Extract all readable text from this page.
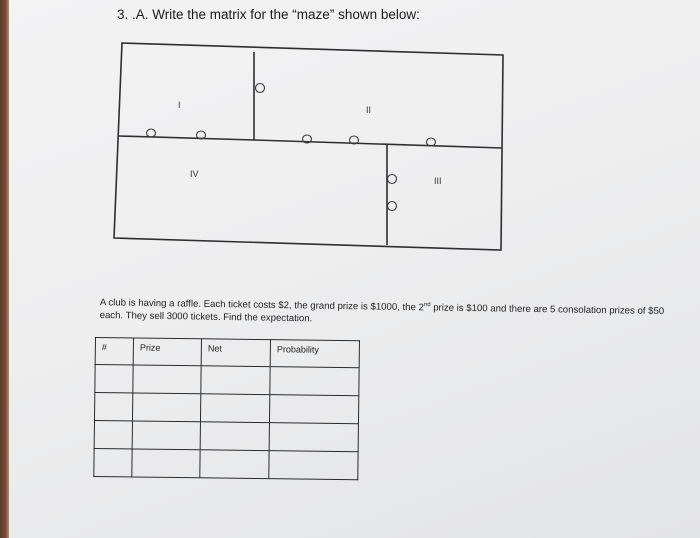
3. .A. Write the matrix for the “maze” shown below:
I	II
III
IV
A club is having a raffle. Each ticket costs $2, the grand prize is $1000, the 2nd prize is $100 and there are 5 consolation prizes of $50 each. They sell 3000 tickets. Find the expectation.
#	Prize	Net	Probability
